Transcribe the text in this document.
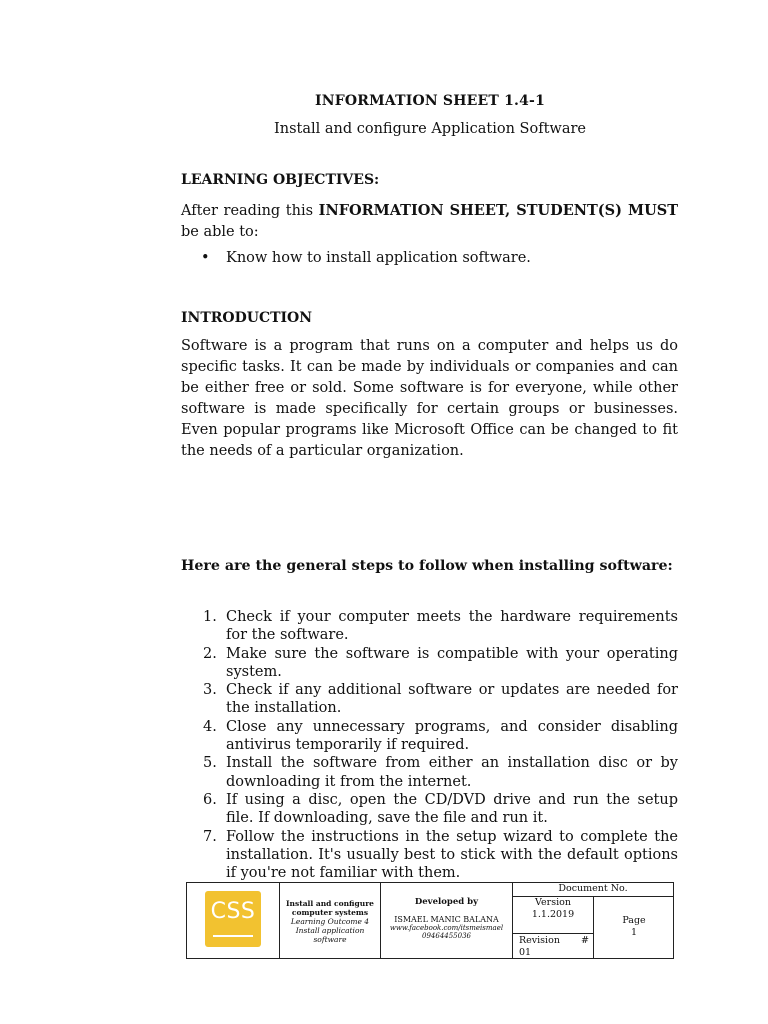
INFORMATION SHEET 1.4-1
Install and configure Application Software
LEARNING OBJECTIVES:
After reading this INFORMATION SHEET, STUDENT(S) MUST be able to:
• Know how to install application software.
INTRODUCTION
Software is a program that runs on a computer and helps us do specific tasks. It can be made by individuals or companies and can be either free or sold. Some software is for everyone, while other software is made specifically for certain groups or businesses. Even popular programs like Microsoft Office can be changed to fit the needs of a particular organization.
Here are the general steps to follow when installing software:
1. Check if your computer meets the hardware requirements for the software.
2. Make sure the software is compatible with your operating system.
3. Check if any additional software or updates are needed for the installation.
4. Close any unnecessary programs, and consider disabling antivirus temporarily if required.
5. Install the software from either an installation disc or by downloading it from the internet.
6. If using a disc, open the CD/DVD drive and run the setup file. If downloading, save the file and run it.
7. Follow the instructions in the setup wizard to complete the installation. It's usually best to stick with the default options if you're not familiar with them.
CSS	Install and configure computer systems
Learning Outcome 4
Install application software
Developed by
ISMAEL MANIC BALANA
www.facebook.com/itsmeismael
09464455036
Document No.
Version
1.1.2019
Revision #
01
Page
1
